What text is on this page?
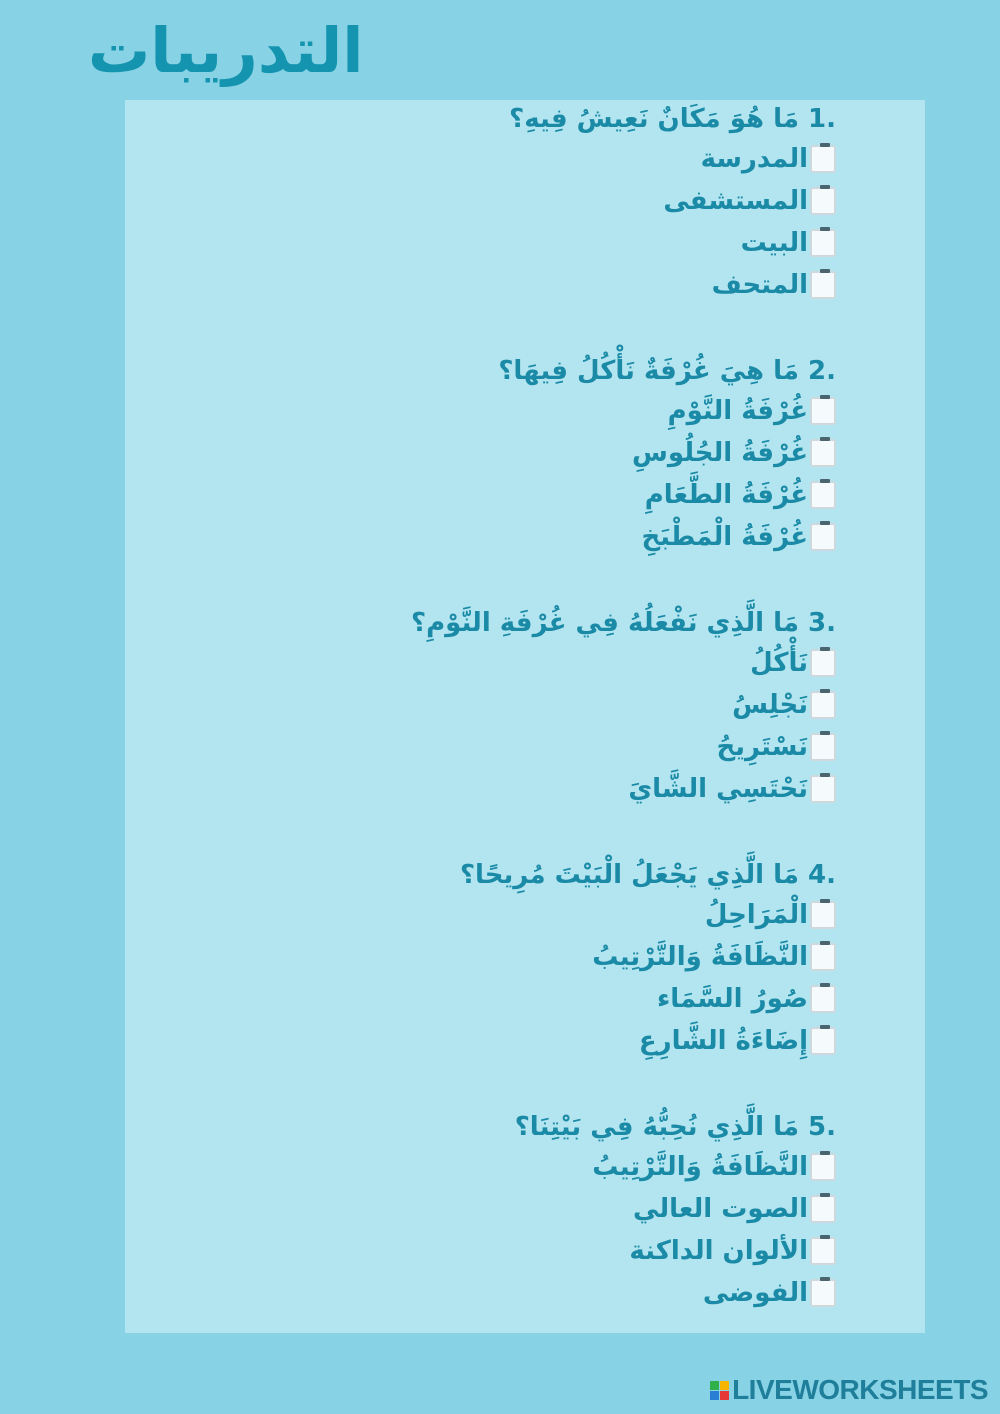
التدريبات
1. مَا هُوَ مَكَانٌ نَعِيشُ فِيهِ؟
المدرسة
المستشفى
البيت
المتحف
2. مَا هِيَ غُرْفَةٌ نَأْكُلُ فِيهَا؟
غُرْفَةُ النَّوْمِ
غُرْفَةُ الجُلُوسِ
غُرْفَةُ الطَّعَامِ
غُرْفَةُ الْمَطْبَخِ
3. مَا الَّذِي نَفْعَلُهُ فِي غُرْفَةِ النَّوْمِ؟
نَأْكُلُ
نَجْلِسُ
نَسْتَرِيحُ
نَحْتَسِي الشَّايَ
4. مَا الَّذِي يَجْعَلُ الْبَيْتَ مُرِيحًا؟
الْمَرَاحِلُ
النَّظَافَةُ وَالتَّرْتِيبُ
صُورُ السَّمَاء
إِضَاءَةُ الشَّارِعِ
5. مَا الَّذِي نُحِبُّهُ فِي بَيْتِنَا؟
النَّظَافَةُ وَالتَّرْتِيبُ
الصوت العالي
الألوان الداكنة
الفوضى
LIVEWORKSHEETS
